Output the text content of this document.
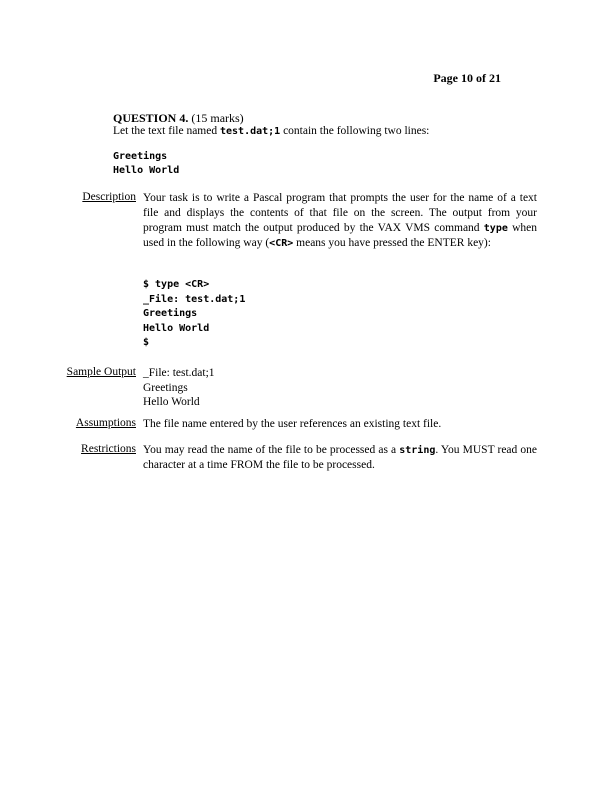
Page 10 of 21
QUESTION 4. (15 marks)
Let the text file named test.dat;1 contain the following two lines:
Greetings
Hello World
Description Your task is to write a Pascal program that prompts the user for the name of a text file and displays the contents of that file on the screen. The output from your program must match the output produced by the VAX VMS command type when used in the following way (<CR> means you have pressed the ENTER key):
$ type <CR>
_File: test.dat;1
Greetings
Hello World
$
Sample Output _File: test.dat;1
Greetings
Hello World
Assumptions The file name entered by the user references an existing text file.
Restrictions You may read the name of the file to be processed as a string. You MUST read one character at a time FROM the file to be processed.
